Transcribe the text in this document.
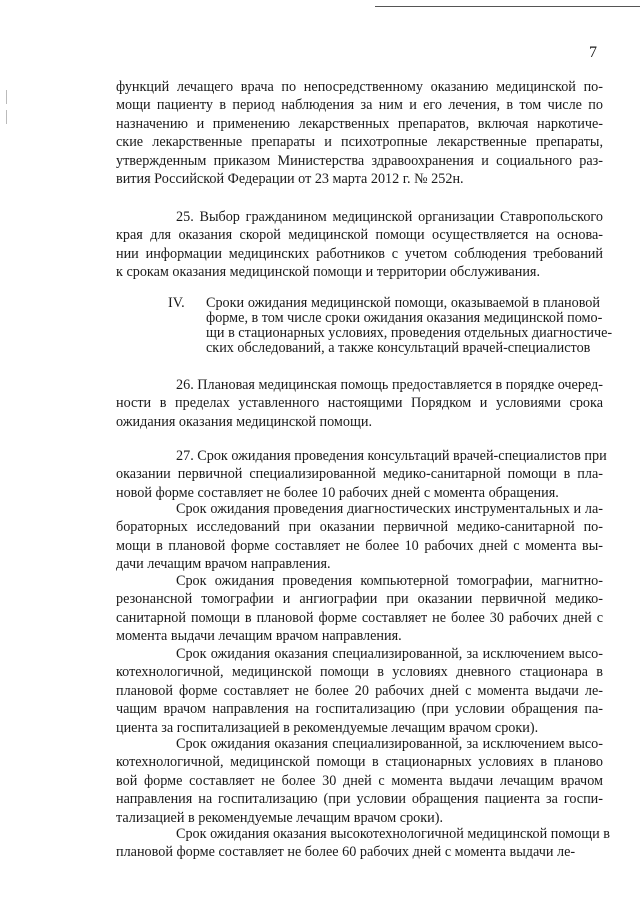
7
функций лечащего врача по непосредственному оказанию медицинской по-
мощи пациенту в период наблюдения за ним и его лечения, в том числе по
назначению и применению лекарственных препаратов, включая наркотиче-
ские лекарственные препараты и психотропные лекарственные препараты,
утвержденным приказом Министерства здравоохранения и социального раз-
вития Российской Федерации от 23 марта 2012 г. № 252н.
25. Выбор гражданином медицинской организации Ставропольского
края для оказания скорой медицинской помощи осуществляется на основа-
нии информации медицинских работников с учетом соблюдения требований
к срокам оказания медицинской помощи и территории обслуживания.
IV. Сроки ожидания медицинской помощи, оказываемой в плановой
форме, в том числе сроки ожидания оказания медицинской помо-
щи в стационарных условиях, проведения отдельных диагностиче-
ских обследований, а также консультаций врачей-специалистов
26. Плановая медицинская помощь предоставляется в порядке очеред-
ности в пределах уставленного настоящими Порядком и условиями срока
ожидания оказания медицинской помощи.
27. Срок ожидания проведения консультаций врачей-специалистов при
оказании первичной специализированной медико-санитарной помощи в пла-
новой форме составляет не более 10 рабочих дней с момента обращения.
Срок ожидания проведения диагностических инструментальных и ла-
бораторных исследований при оказании первичной медико-санитарной по-
мощи в плановой форме составляет не более 10 рабочих дней с момента вы-
дачи лечащим врачом направления.
Срок ожидания проведения компьютерной томографии, магнитно-
резонансной томографии и ангиографии при оказании первичной медико-
санитарной помощи в плановой форме составляет не более 30 рабочих дней с
момента выдачи лечащим врачом направления.
Срок ожидания оказания специализированной, за исключением высо-
котехнологичной, медицинской помощи в условиях дневного стационара в
плановой форме составляет не более 20 рабочих дней с момента выдачи ле-
чащим врачом направления на госпитализацию (при условии обращения па-
циента за госпитализацией в рекомендуемые лечащим врачом сроки).
Срок ожидания оказания специализированной, за исключением высо-
котехнологичной, медицинской помощи в стационарных условиях в планово
вой форме составляет не более 30 дней с момента выдачи лечащим врачом
направления на госпитализацию (при условии обращения пациента за госпи-
тализацией в рекомендуемые лечащим врачом сроки).
Срок ожидания оказания высокотехнологичной медицинской помощи в
плановой форме составляет не более 60 рабочих дней с момента выдачи ле-
